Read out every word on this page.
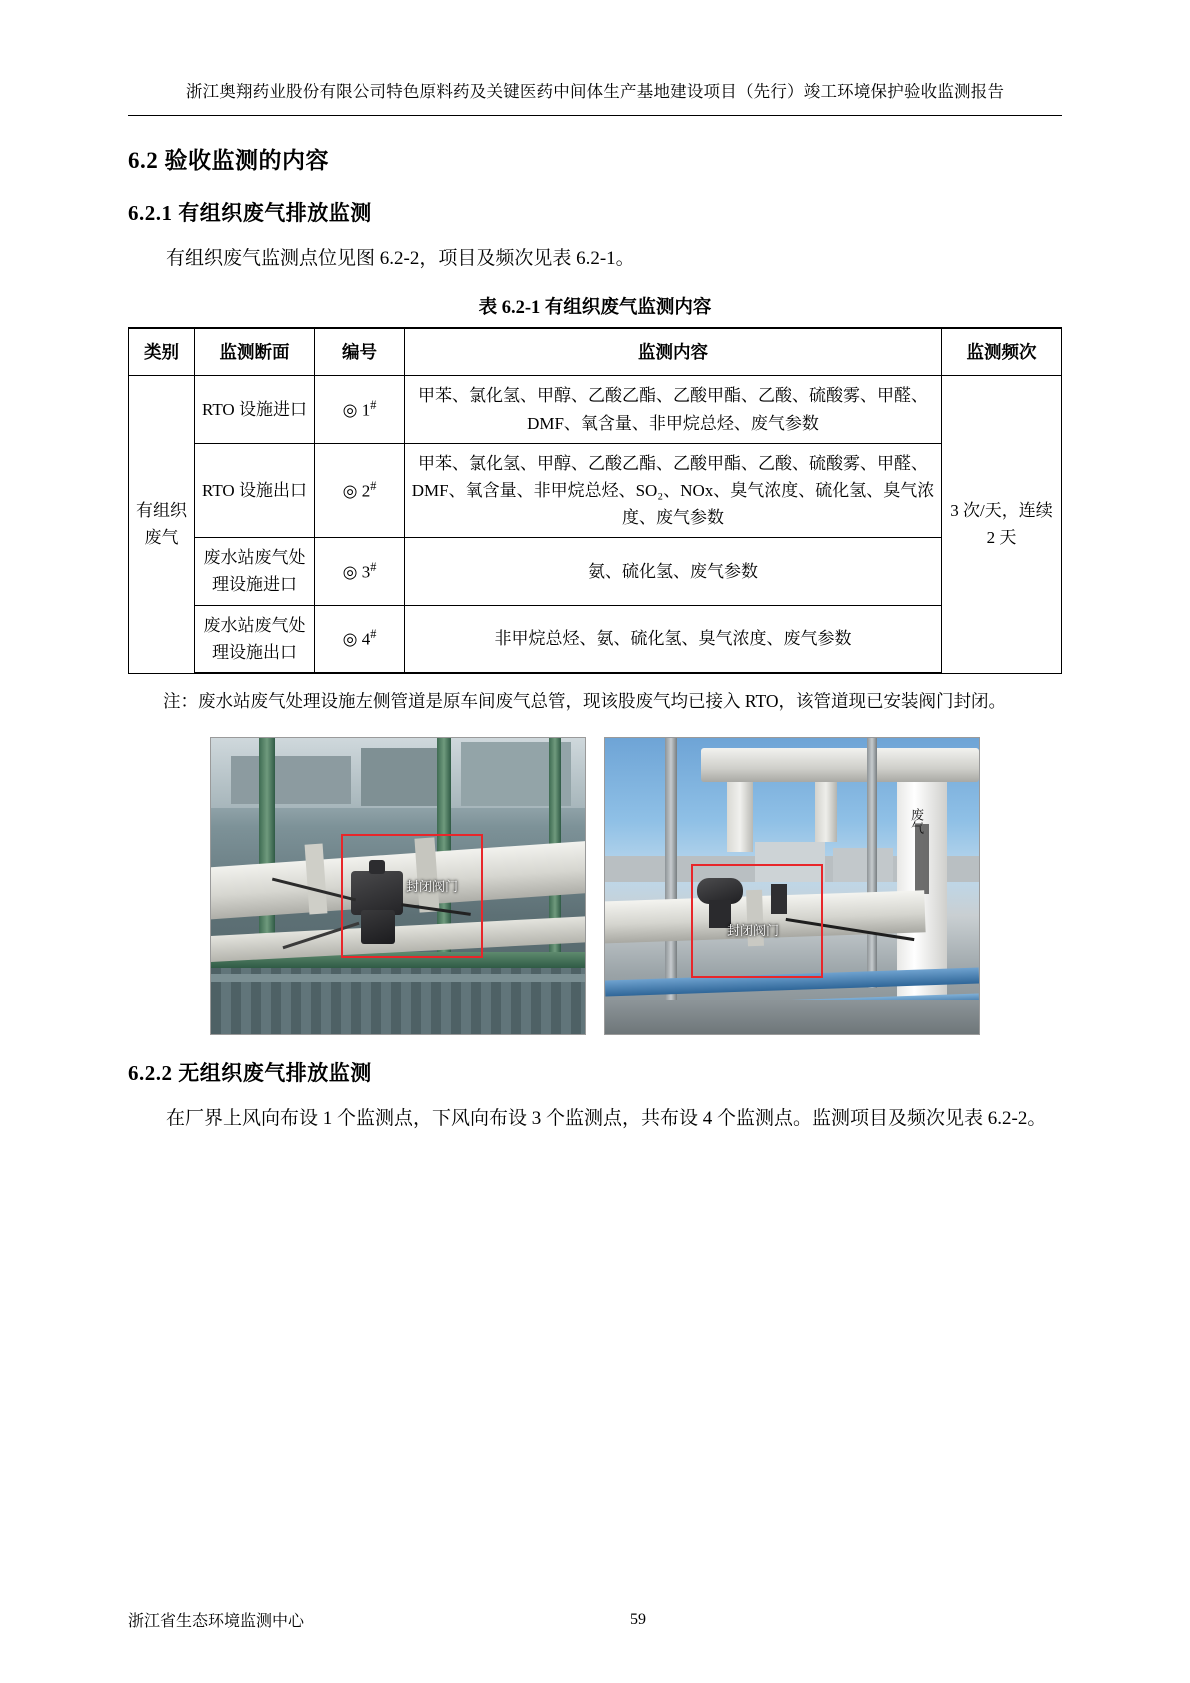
浙江奥翔药业股份有限公司特色原料药及关键医药中间体生产基地建设项目（先行）竣工环境保护验收监测报告
6.2 验收监测的内容
6.2.1 有组织废气排放监测

有组织废气监测点位见图 6.2-2，项目及频次见表 6.2-1。

表 6.2-1 有组织废气监测内容
类别	监测断面	编号	监测内容	监测频次
有组织废气	RTO 设施进口	◎ 1#	甲苯、氯化氢、甲醇、乙酸乙酯、乙酸甲酯、乙酸、硫酸雾、甲醛、DMF、氧含量、非甲烷总烃、废气参数	3 次/天，连续 2 天
	RTO 设施出口	◎ 2#	甲苯、氯化氢、甲醇、乙酸乙酯、乙酸甲酯、乙酸、硫酸雾、甲醛、DMF、氧含量、非甲烷总烃、SO₂、NOx、臭气浓度、硫化氢、臭气浓度、废气参数	
	废水站废气处理设施进口	◎ 3#	氨、硫化氢、废气参数	
	废水站废气处理设施出口	◎ 4#	非甲烷总烃、氨、硫化氢、臭气浓度、废气参数	

注：废水站废气处理设施左侧管道是原车间废气总管，现该股废气均已接入 RTO，该管道现已安装阀门封闭。

封闭阀门
废气
封闭阀门
6.2.2 无组织废气排放监测

在厂界上风向布设 1 个监测点，下风向布设 3 个监测点，共布设 4 个监测点。监测项目及频次见表 6.2-2。

浙江省生态环境监测中心	59
